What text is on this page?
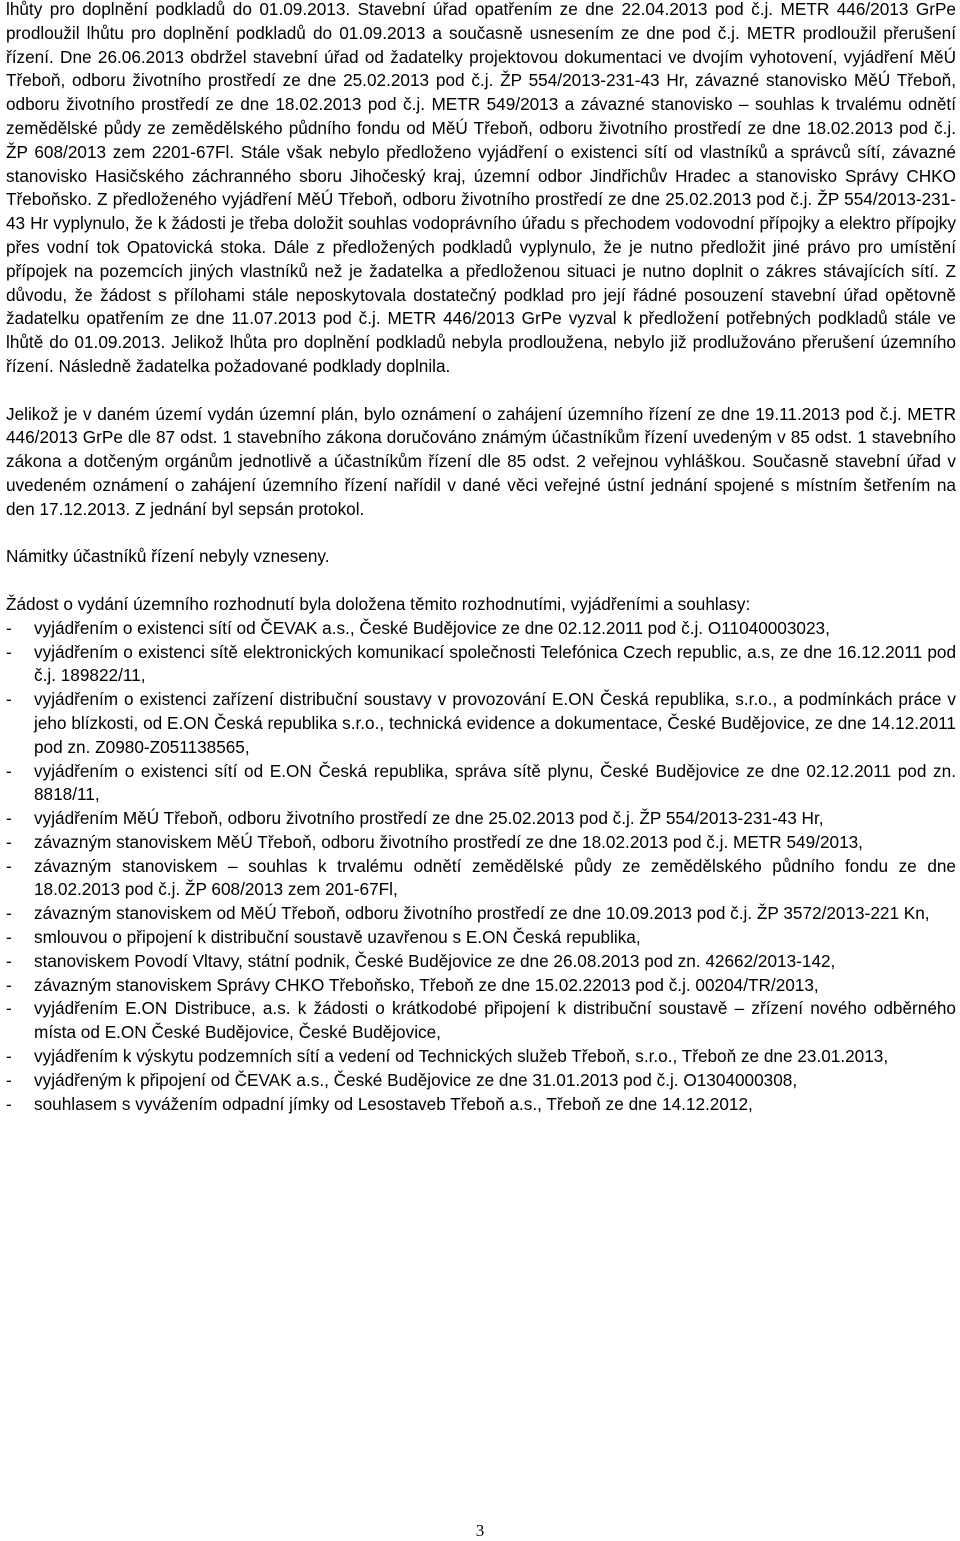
lhůty pro doplnění podkladů do 01.09.2013. Stavební úřad opatřením ze dne 22.04.2013 pod č.j. METR 446/2013 GrPe prodloužil lhůtu pro doplnění podkladů do 01.09.2013 a současně usnesením ze dne pod č.j. METR prodloužil přerušení řízení. Dne 26.06.2013 obdržel stavební úřad od žadatelky projektovou dokumentaci ve dvojím vyhotovení, vyjádření MěÚ Třeboň, odboru životního prostředí ze dne 25.02.2013 pod č.j. ŽP 554/2013-231-43 Hr, závazné stanovisko MěÚ Třeboň, odboru životního prostředí ze dne 18.02.2013 pod č.j. METR 549/2013 a závazné stanovisko – souhlas k trvalému odnětí zemědělské půdy ze zemědělského půdního fondu od MěÚ Třeboň, odboru životního prostředí ze dne 18.02.2013 pod č.j. ŽP 608/2013 zem 2201-67Fl. Stále však nebylo předloženo vyjádření o existenci sítí od vlastníků a správců sítí, závazné stanovisko Hasičského záchranného sboru Jihočeský kraj, územní odbor Jindřichův Hradec a stanovisko Správy CHKO Třeboňsko. Z předloženého vyjádření MěÚ Třeboň, odboru životního prostředí ze dne 25.02.2013 pod č.j. ŽP 554/2013-231-43 Hr vyplynulo, že k žádosti je třeba doložit souhlas vodoprávního úřadu s přechodem vodovodní přípojky a elektro přípojky přes vodní tok Opatovická stoka. Dále z předložených podkladů vyplynulo, že je nutno předložit jiné právo pro umístění přípojek na pozemcích jiných vlastníků než je žadatelka a předloženou situaci je nutno doplnit o zákres stávajících sítí. Z důvodu, že žádost s přílohami stále neposkytovala dostatečný podklad pro její řádné posouzení stavební úřad opětovně žadatelku opatřením ze dne 11.07.2013 pod č.j. METR 446/2013 GrPe vyzval k předložení potřebných podkladů stále ve lhůtě do 01.09.2013. Jelikož lhůta pro doplnění podkladů nebyla prodloužena, nebylo již prodlužováno přerušení územního řízení. Následně žadatelka požadované podklady doplnila.

Jelikož je v daném území vydán územní plán, bylo oznámení o zahájení územního řízení ze dne 19.11.2013 pod č.j. METR 446/2013 GrPe dle 87 odst. 1 stavebního zákona doručováno známým účastníkům řízení uvedeným v 85 odst. 1 stavebního zákona a dotčeným orgánům jednotlivě a účastníkům řízení dle 85 odst. 2 veřejnou vyhláškou. Současně stavební úřad v uvedeném oznámení o zahájení územního řízení nařídil v dané věci veřejné ústní jednání spojené s místním šetřením na den 17.12.2013. Z jednání byl sepsán protokol.

Námitky účastníků řízení nebyly vzneseny.

Žádost o vydání územního rozhodnutí byla doložena těmito rozhodnutími, vyjádřeními a souhlasy:

- vyjádřením o existenci sítí od ČEVAK a.s., České Budějovice ze dne 02.12.2011 pod č.j. O11040003023,
- vyjádřením o existenci sítě elektronických komunikací společnosti Telefónica Czech republic, a.s, ze dne 16.12.2011 pod č.j. 189822/11,
- vyjádřením o existenci zařízení distribuční soustavy v provozování E.ON Česká republika, s.r.o., a podmínkách práce v jeho blízkosti, od E.ON Česká republika s.r.o., technická evidence a dokumentace, České Budějovice, ze dne 14.12.2011 pod zn. Z0980-Z051138565,
- vyjádřením o existenci sítí od E.ON Česká republika, správa sítě plynu, České Budějovice ze dne 02.12.2011 pod zn. 8818/11,
- vyjádřením MěÚ Třeboň, odboru životního prostředí ze dne 25.02.2013 pod č.j. ŽP 554/2013-231-43 Hr,
- závazným stanoviskem MěÚ Třeboň, odboru životního prostředí ze dne 18.02.2013 pod č.j. METR 549/2013,
- závazným stanoviskem – souhlas k trvalému odnětí zemědělské půdy ze zemědělského půdního fondu ze dne 18.02.2013 pod č.j. ŽP 608/2013 zem 201-67Fl,
- závazným stanoviskem od MěÚ Třeboň, odboru životního prostředí ze dne 10.09.2013 pod č.j. ŽP 3572/2013-221 Kn,
- smlouvou o připojení k distribuční soustavě uzavřenou s E.ON Česká republika,
- stanoviskem Povodí Vltavy, státní podnik, České Budějovice ze dne 26.08.2013 pod zn. 42662/2013-142,
- závazným stanoviskem Správy CHKO Třeboňsko, Třeboň ze dne 15.02.22013 pod č.j. 00204/TR/2013,
- vyjádřením E.ON Distribuce, a.s. k žádosti o krátkodobé připojení k distribuční soustavě – zřízení nového odběrného místa od E.ON České Budějovice, České Budějovice,
- vyjádřením k výskytu podzemních sítí a vedení od Technických služeb Třeboň, s.r.o., Třeboň ze dne 23.01.2013,
- vyjádřeným k připojení od ČEVAK a.s., České Budějovice ze dne 31.01.2013 pod č.j. O1304000308,
- souhlasem s vyvážením odpadní jímky od Lesostaveb Třeboň a.s., Třeboň ze dne 14.12.2012,
3
